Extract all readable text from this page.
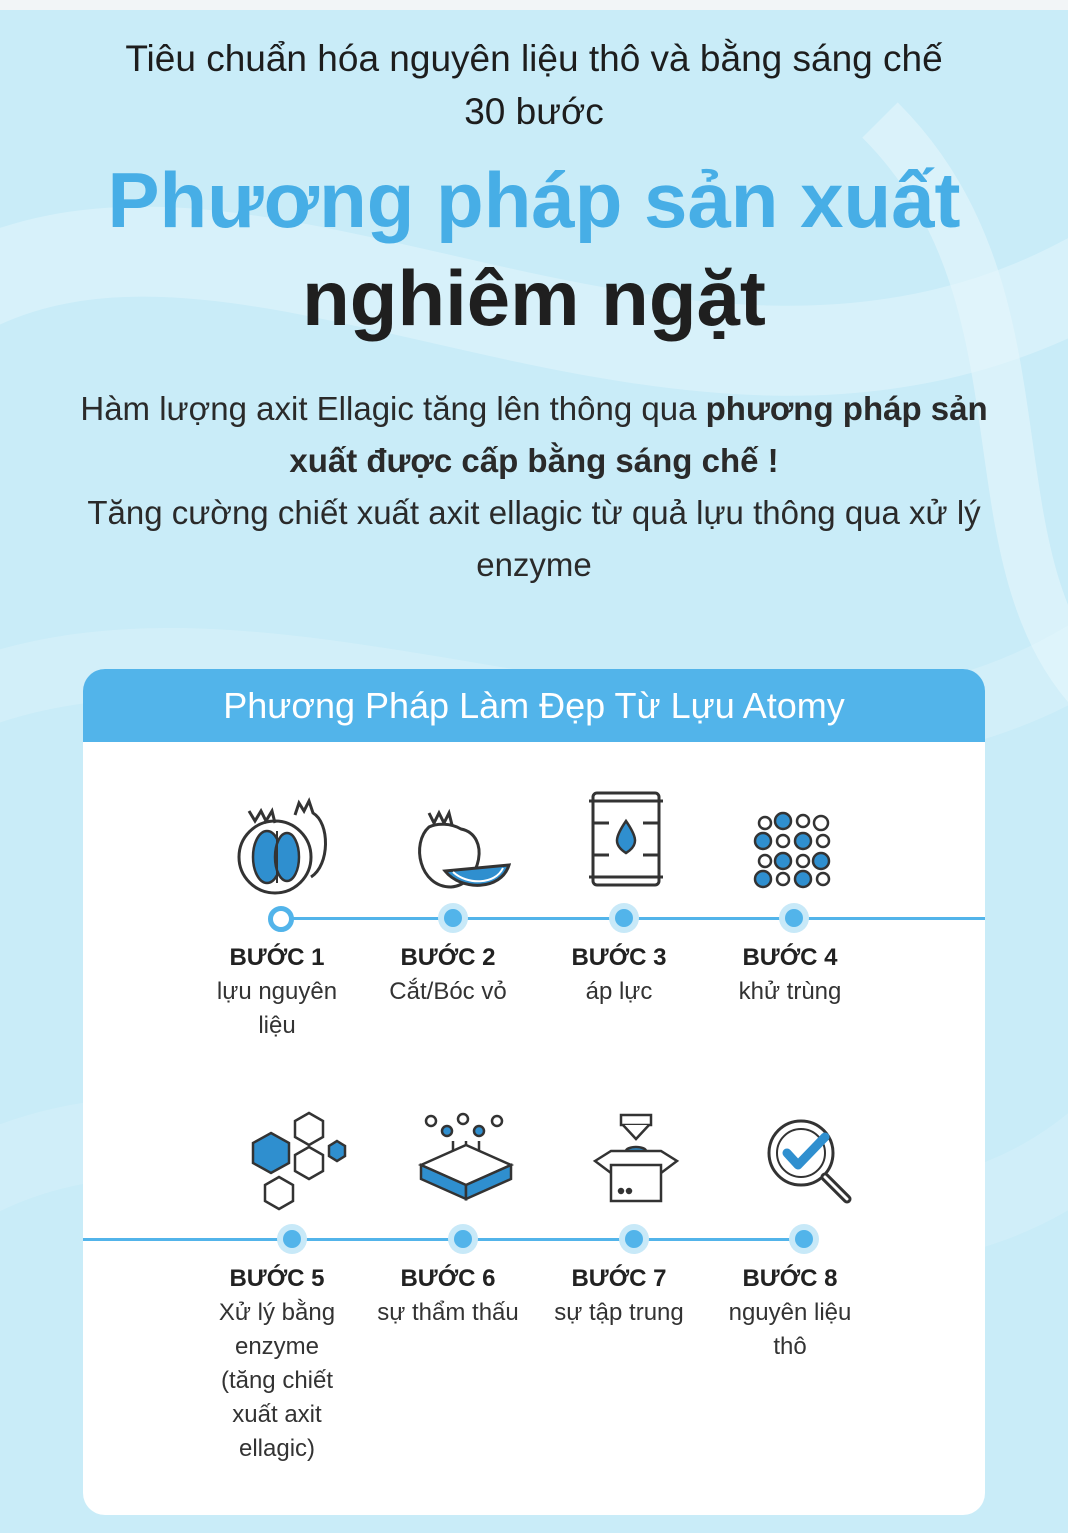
Tiêu chuẩn hóa nguyên liệu thô và bằng sáng chế
30 bước
Phương pháp sản xuất
nghiêm ngặt
Hàm lượng axit Ellagic tăng lên thông qua phương pháp sản xuất được cấp bằng sáng chế !
Tăng cường chiết xuất axit ellagic từ quả lựu thông qua xử lý enzyme
Phương Pháp Làm Đẹp Từ Lựu Atomy
BƯỚC 1
lựu nguyên liệu
BƯỚC 2
Cắt/Bóc vỏ
BƯỚC 3
áp lực
BƯỚC 4
khử trùng
BƯỚC 5
Xử lý bằng enzyme (tăng chiết xuất axit ellagic)
BƯỚC 6
sự thẩm thấu
BƯỚC 7
sự tập trung
BƯỚC 8
nguyên liệu thô
